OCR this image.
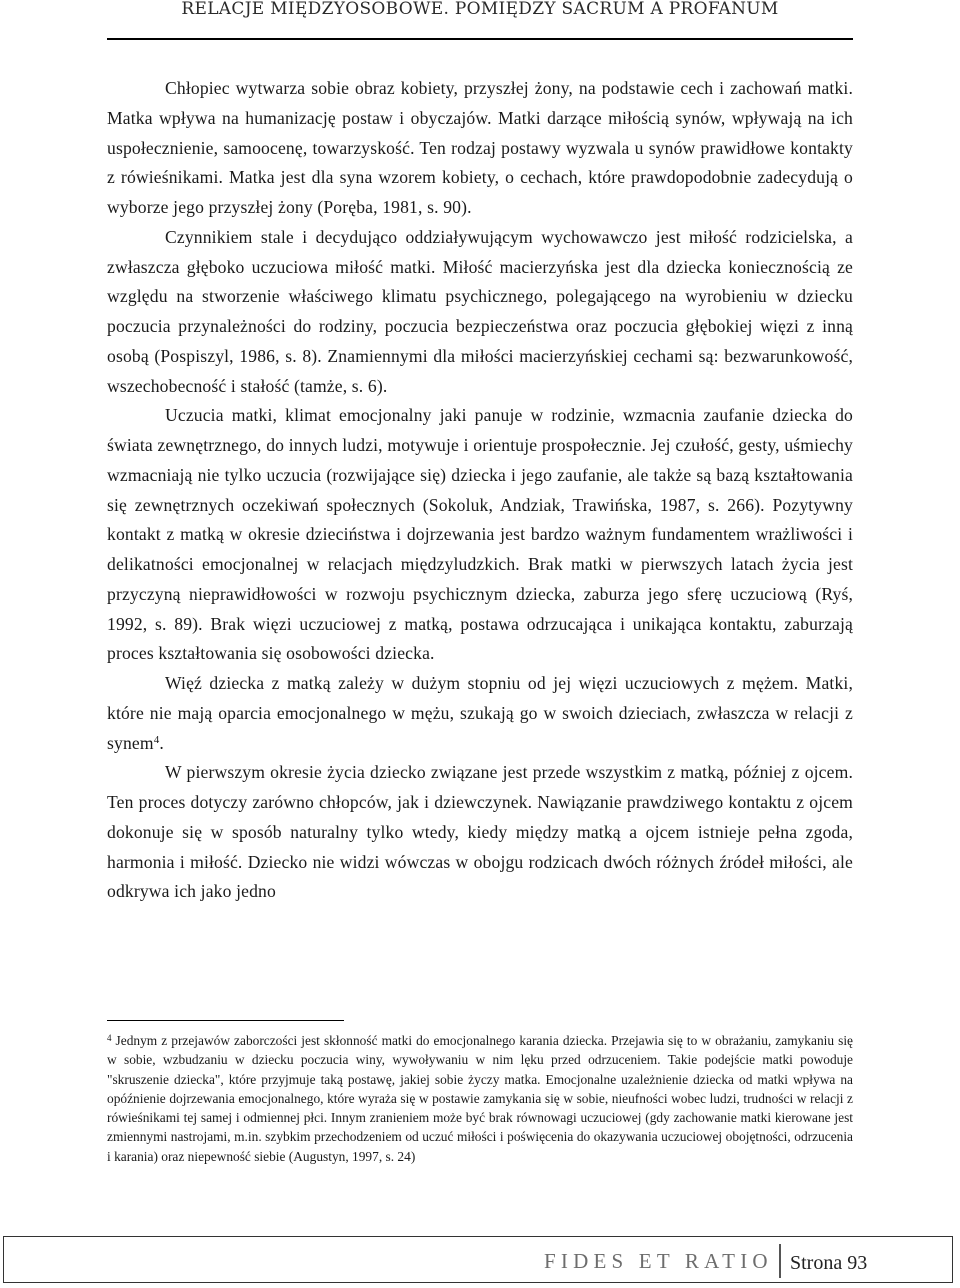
RELACJE MIĘDZYOSOBOWE. POMIĘDZY SACRUM A PROFANUM

Chłopiec wytwarza sobie obraz kobiety, przyszłej żony, na podstawie cech i zachowań matki. Matka wpływa na humanizację postaw i obyczajów. Matki darzące miłością synów, wpływają na ich uspołecznienie, samoocenę, towarzyskość. Ten rodzaj postawy wyzwala u synów prawidłowe kontakty z rówieśnikami. Matka jest dla syna wzorem kobiety, o cechach, które prawdopodobnie zadecydują o wyborze jego przyszłej żony (Poręba, 1981, s. 90).

Czynnikiem stale i decydująco oddziaływującym wychowawczo jest miłość rodzicielska, a zwłaszcza głęboko uczuciowa miłość matki. Miłość macierzyńska jest dla dziecka koniecznością ze względu na stworzenie właściwego klimatu psychicznego, polegającego na wyrobieniu w dziecku poczucia przynależności do rodziny, poczucia bezpieczeństwa oraz poczucia głębokiej więzi z inną osobą (Pospiszyl, 1986, s. 8). Znamiennymi dla miłości macierzyńskiej cechami są: bezwarunkowość, wszechobecność i stałość (tamże, s. 6).

Uczucia matki, klimat emocjonalny jaki panuje w rodzinie, wzmacnia zaufanie dziecka do świata zewnętrznego, do innych ludzi, motywuje i orientuje prospołecznie. Jej czułość, gesty, uśmiechy wzmacniają nie tylko uczucia (rozwijające się) dziecka i jego zaufanie, ale także są bazą kształtowania się zewnętrznych oczekiwań społecznych (Sokoluk, Andziak, Trawińska, 1987, s. 266). Pozytywny kontakt z matką w okresie dzieciństwa i dojrzewania jest bardzo ważnym fundamentem wrażliwości i delikatności emocjonalnej w relacjach międzyludzkich. Brak matki w pierwszych latach życia jest przyczyną nieprawidłowości w rozwoju psychicznym dziecka, zaburza jego sferę uczuciową (Ryś, 1992, s. 89). Brak więzi uczuciowej z matką, postawa odrzucająca i unikająca kontaktu, zaburzają proces kształtowania się osobowości dziecka.

Więź dziecka z matką zależy w dużym stopniu od jej więzi uczuciowych z mężem. Matki, które nie mają oparcia emocjonalnego w mężu, szukają go w swoich dzieciach, zwłaszcza w relacji z synem$^4$.

W pierwszym okresie życia dziecko związane jest przede wszystkim z matką, później z ojcem. Ten proces dotyczy zarówno chłopców, jak i dziewczynek. Nawiązanie prawdziwego kontaktu z ojcem dokonuje się w sposób naturalny tylko wtedy, kiedy między matką a ojcem istnieje pełna zgoda, harmonia i miłość. Dziecko nie widzi wówczas w obojgu rodzicach dwóch różnych źródeł miłości, ale odkrywa ich jako jedno

$^4$ Jednym z przejawów zaborczości jest skłonność matki do emocjonalnego karania dziecka. Przejawia się to w obrażaniu, zamykaniu się w sobie, wzbudzaniu w dziecku poczucia winy, wywoływaniu w nim lęku przed odrzuceniem. Takie podejście matki powoduje "skruszenie dziecka", które przyjmuje taką postawę, jakiej sobie życzy matka. Emocjonalne uzależnienie dziecka od matki wpływa na opóźnienie dojrzewania emocjonalnego, które wyraża się w postawie zamykania się w sobie, nieufności wobec ludzi, trudności w relacji z rówieśnikami tej samej i odmiennej płci. Innym zranieniem może być brak równowagi uczuciowej (gdy zachowanie matki kierowane jest zmiennymi nastrojami, m.in. szybkim przechodzeniem od uczuć miłości i poświęcenia do okazywania uczuciowej obojętności, odrzucenia i karania) oraz niepewność siebie (Augustyn, 1997, s. 24)

FIDES ET RATIO Strona 93
